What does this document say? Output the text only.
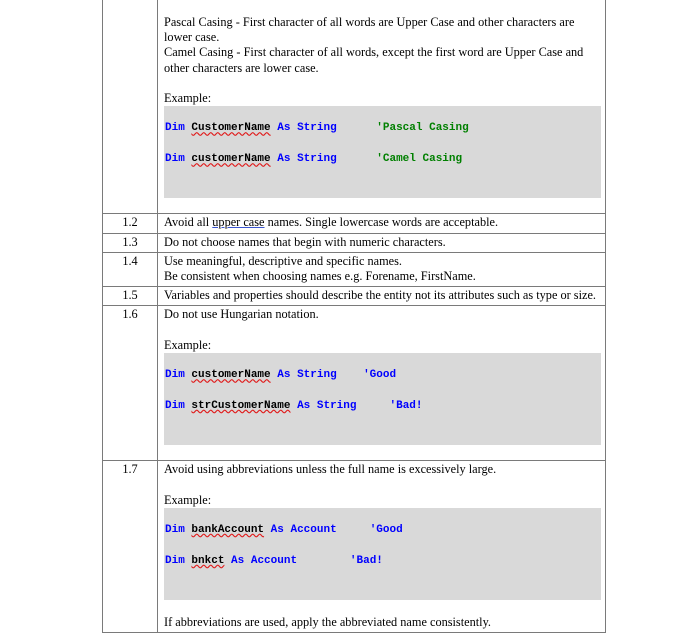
Pascal Casing - First character of all words are Upper Case and other characters are lower case.

Camel Casing - First character of all words, except the first word are Upper Case and other characters are lower case.

Example:

Dim CustomerName As String	'Pascal Casing

Dim customerName As String	'Camel Casing

1.2	Avoid all upper case names. Single lowercase words are acceptable.
1.3	Do not choose names that begin with numeric characters.
1.4	Use meaningful, descriptive and specific names.

Be consistent when choosing names e.g. Forename, FirstName.

1.5	Variables and properties should describe the entity not its attributes such as type or size.
1.6	Do not use Hungarian notation.

Example:

Dim customerName As String 'Good

Dim strCustomerName As String 'Bad!

1.7	Avoid using abbreviations unless the full name is excessively large.

Example:

Dim bankAccount As Account 'Good

Dim bnkct As Account 'Bad!

If abbreviations are used, apply the abbreviated name consistently.
